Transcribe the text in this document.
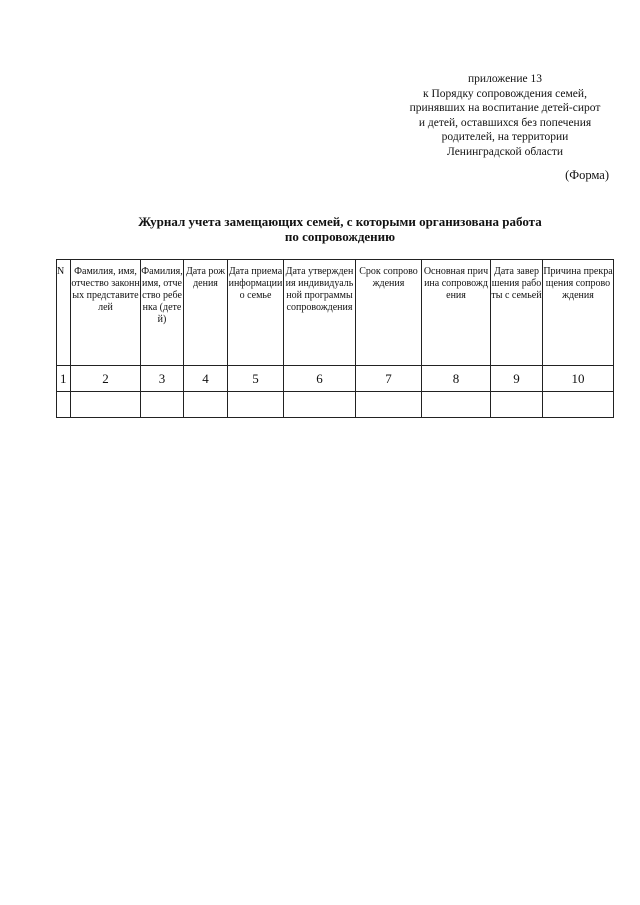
приложение 13
к Порядку сопровождения семей,
принявших на воспитание детей-сирот
и детей, оставшихся без попечения
родителей, на территории
Ленинградской области
(Форма)
Журнал учета замещающих семей, с которыми организована работа
по сопровождению
N	Фамилия, имя, отчество законных представителей	Фамилия, имя, отчество ребенка (детей)	Дата рождения	Дата приема информации о семье	Дата утверждения индивидуальной программы сопровождения	Срок сопровождения	Основная причина сопровождения	Дата завершения работы с семьей	Причина прекращения сопровождения
1	2	3	4	5	6	7	8	9	10
